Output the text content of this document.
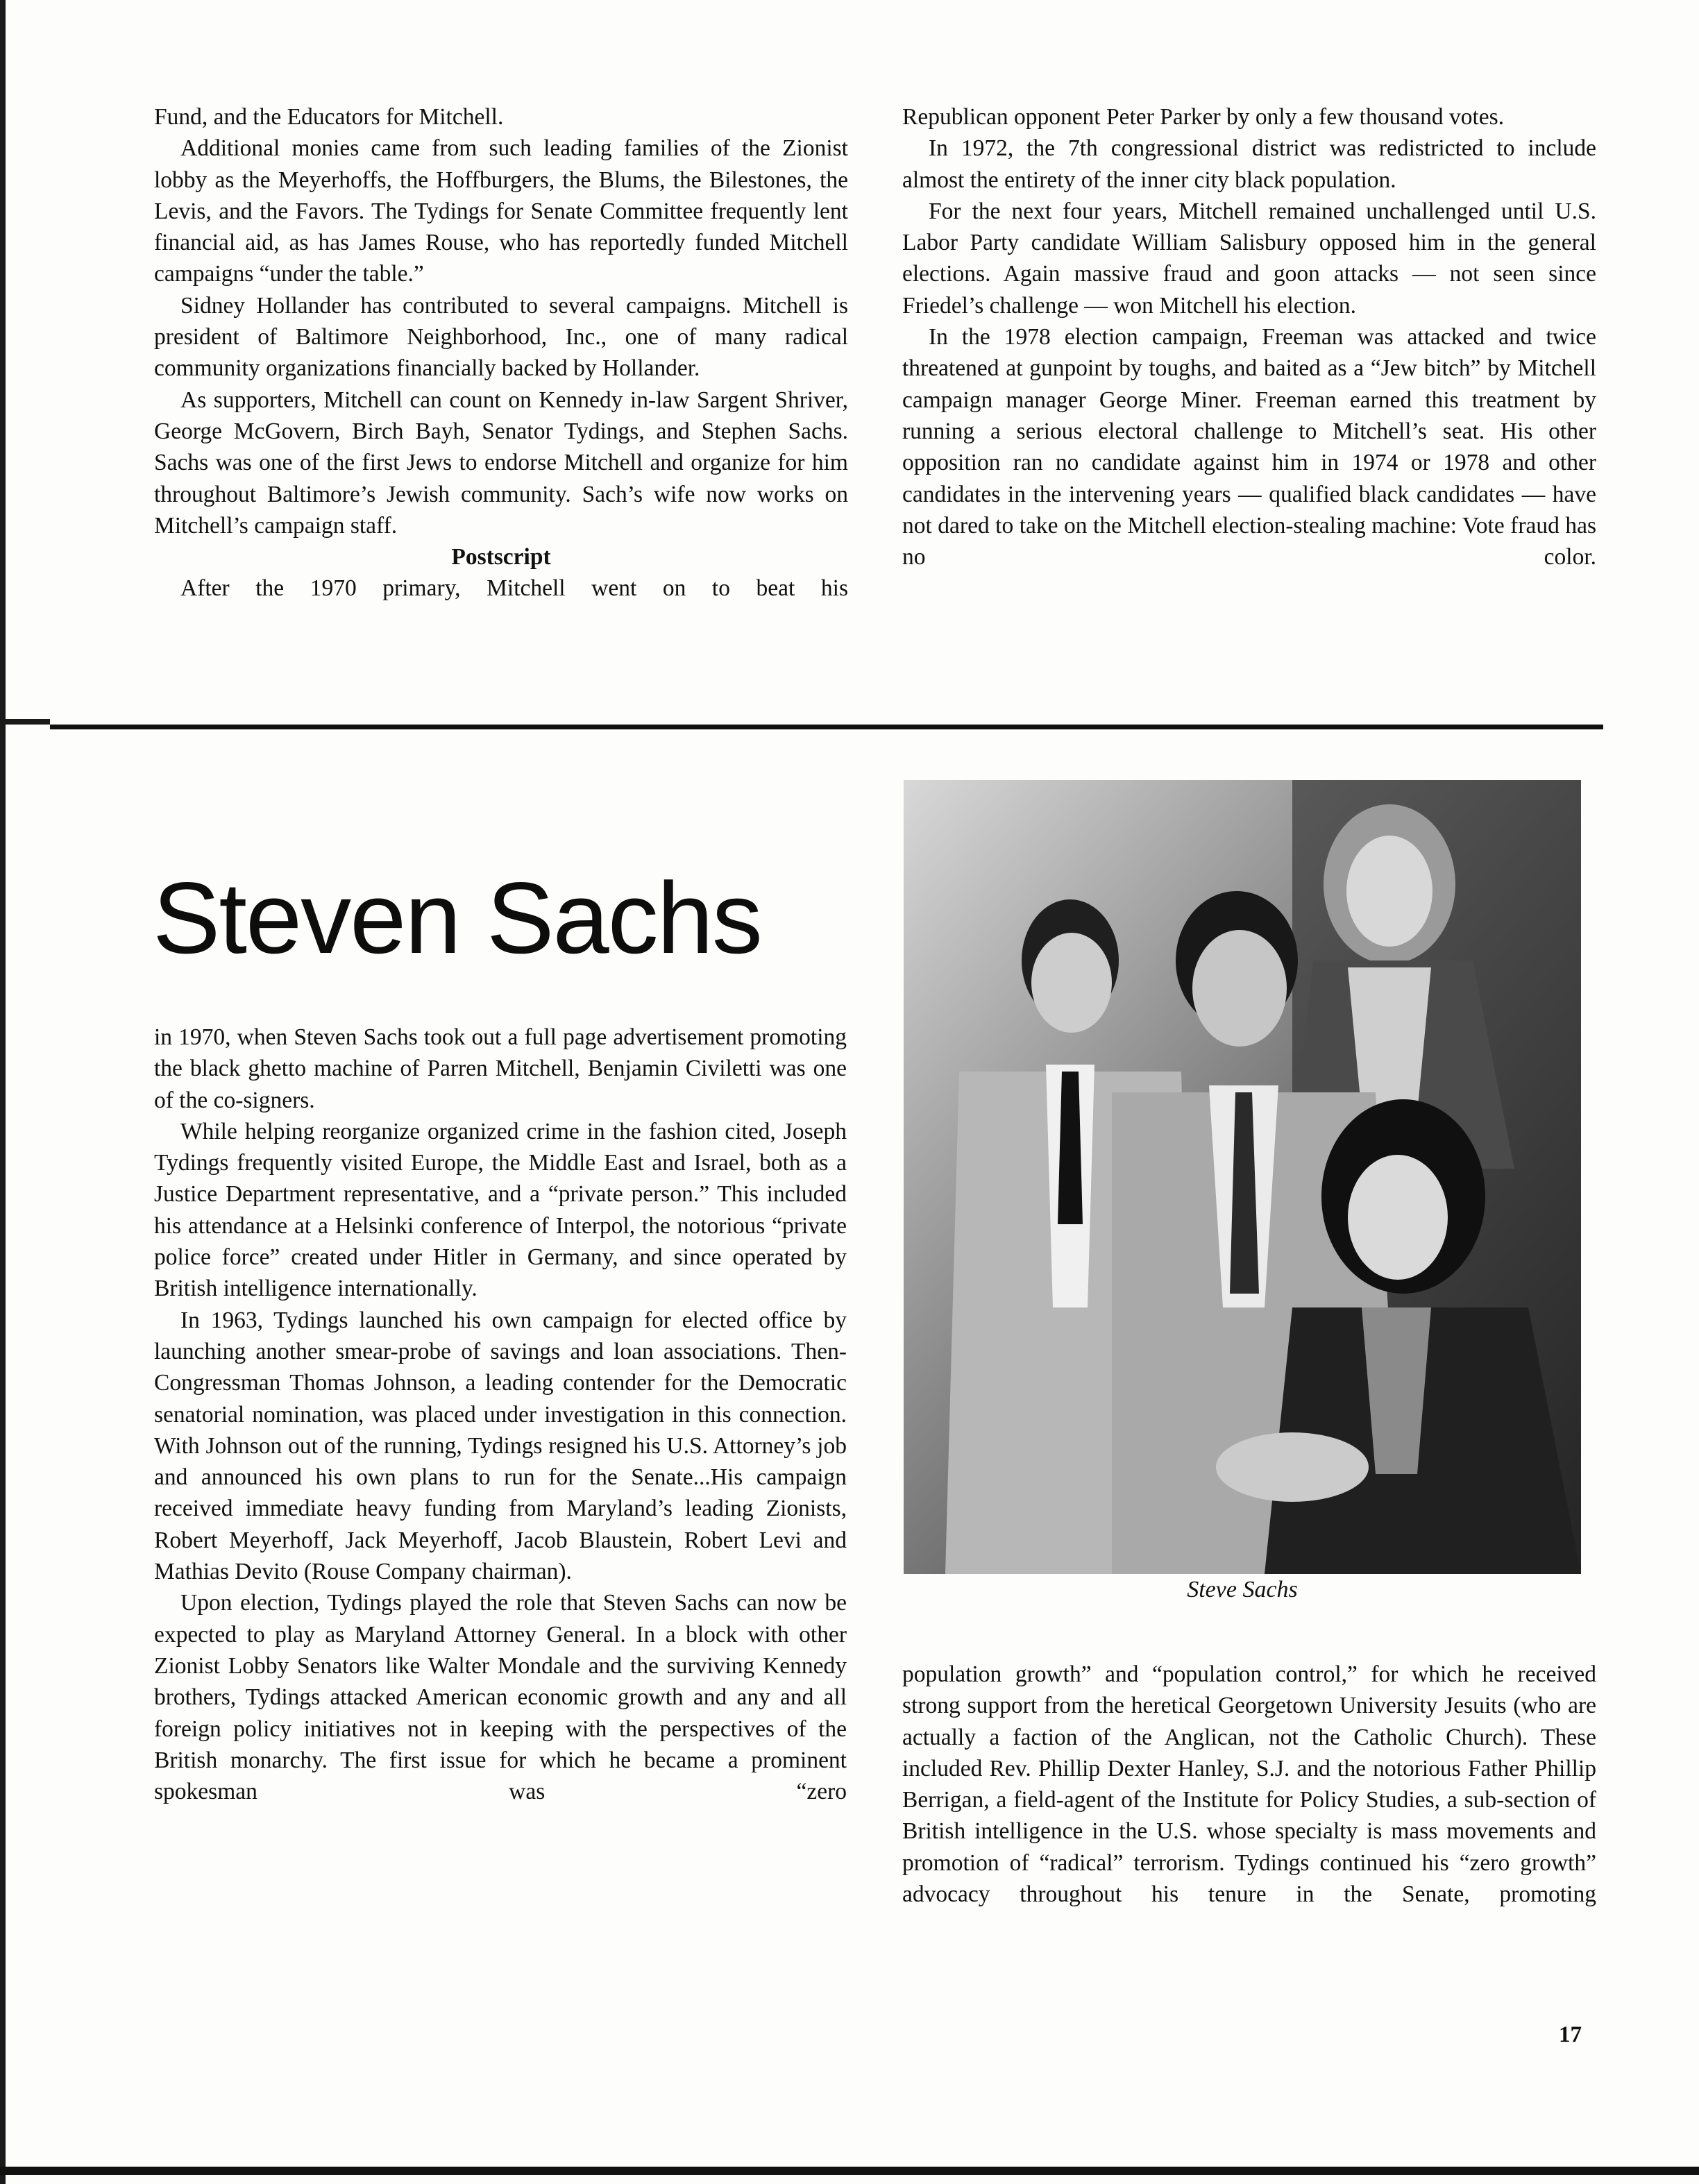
Fund, and the Educators for Mitchell.

Additional monies came from such leading families of the Zionist lobby as the Meyerhoffs, the Hoffburgers, the Blums, the Bilestones, the Levis, and the Favors. The Tydings for Senate Committee frequently lent financial aid, as has James Rouse, who has reportedly funded Mitchell campaigns “under the table.”

Sidney Hollander has contributed to several campaigns. Mitchell is president of Baltimore Neighborhood, Inc., one of many radical community organizations financially backed by Hollander.

As supporters, Mitchell can count on Kennedy in-law Sargent Shriver, George McGovern, Birch Bayh, Senator Tydings, and Stephen Sachs. Sachs was one of the first Jews to endorse Mitchell and organize for him throughout Baltimore’s Jewish community. Sach’s wife now works on Mitchell’s campaign staff.

Postscript

After the 1970 primary, Mitchell went on to beat his

Republican opponent Peter Parker by only a few thousand votes.

In 1972, the 7th congressional district was redistricted to include almost the entirety of the inner city black population.

For the next four years, Mitchell remained unchallenged until U.S. Labor Party candidate William Salisbury opposed him in the general elections. Again massive fraud and goon attacks — not seen since Friedel’s challenge — won Mitchell his election.

In the 1978 election campaign, Freeman was attacked and twice threatened at gunpoint by toughs, and baited as a “Jew bitch” by Mitchell campaign manager George Miner. Freeman earned this treatment by running a serious electoral challenge to Mitchell’s seat. His other opposition ran no candidate against him in 1974 or 1978 and other candidates in the intervening years — qualified black candidates — have not dared to take on the Mitchell election-stealing machine: Vote fraud has no color.

Steven Sachs

in 1970, when Steven Sachs took out a full page advertisement promoting the black ghetto machine of Parren Mitchell, Benjamin Civiletti was one of the co-signers.

While helping reorganize organized crime in the fashion cited, Joseph Tydings frequently visited Europe, the Middle East and Israel, both as a Justice Department representative, and a “private person.” This included his attendance at a Helsinki conference of Interpol, the notorious “private police force” created under Hitler in Germany, and since operated by British intelligence internationally.

In 1963, Tydings launched his own campaign for elected office by launching another smear-probe of savings and loan associations. Then-Congressman Thomas Johnson, a leading contender for the Democratic senatorial nomination, was placed under investigation in this connection. With Johnson out of the running, Tydings resigned his U.S. Attorney’s job and announced his own plans to run for the Senate...His campaign received immediate heavy funding from Maryland’s leading Zionists, Robert Meyerhoff, Jack Meyerhoff, Jacob Blaustein, Robert Levi and Mathias Devito (Rouse Company chairman).

Upon election, Tydings played the role that Steven Sachs can now be expected to play as Maryland Attorney General. In a block with other Zionist Lobby Senators like Walter Mondale and the surviving Kennedy brothers, Tydings attacked American economic growth and any and all foreign policy initiatives not in keeping with the perspectives of the British monarchy. The first issue for which he became a prominent spokesman was “zero

Steve Sachs

population growth” and “population control,” for which he received strong support from the heretical Georgetown University Jesuits (who are actually a faction of the Anglican, not the Catholic Church). These included Rev. Phillip Dexter Hanley, S.J. and the notorious Father Phillip Berrigan, a field-agent of the Institute for Policy Studies, a sub-section of British intelligence in the U.S. whose specialty is mass movements and promotion of “radical” terrorism. Tydings continued his “zero growth” advocacy throughout his tenure in the Senate, promoting

17
